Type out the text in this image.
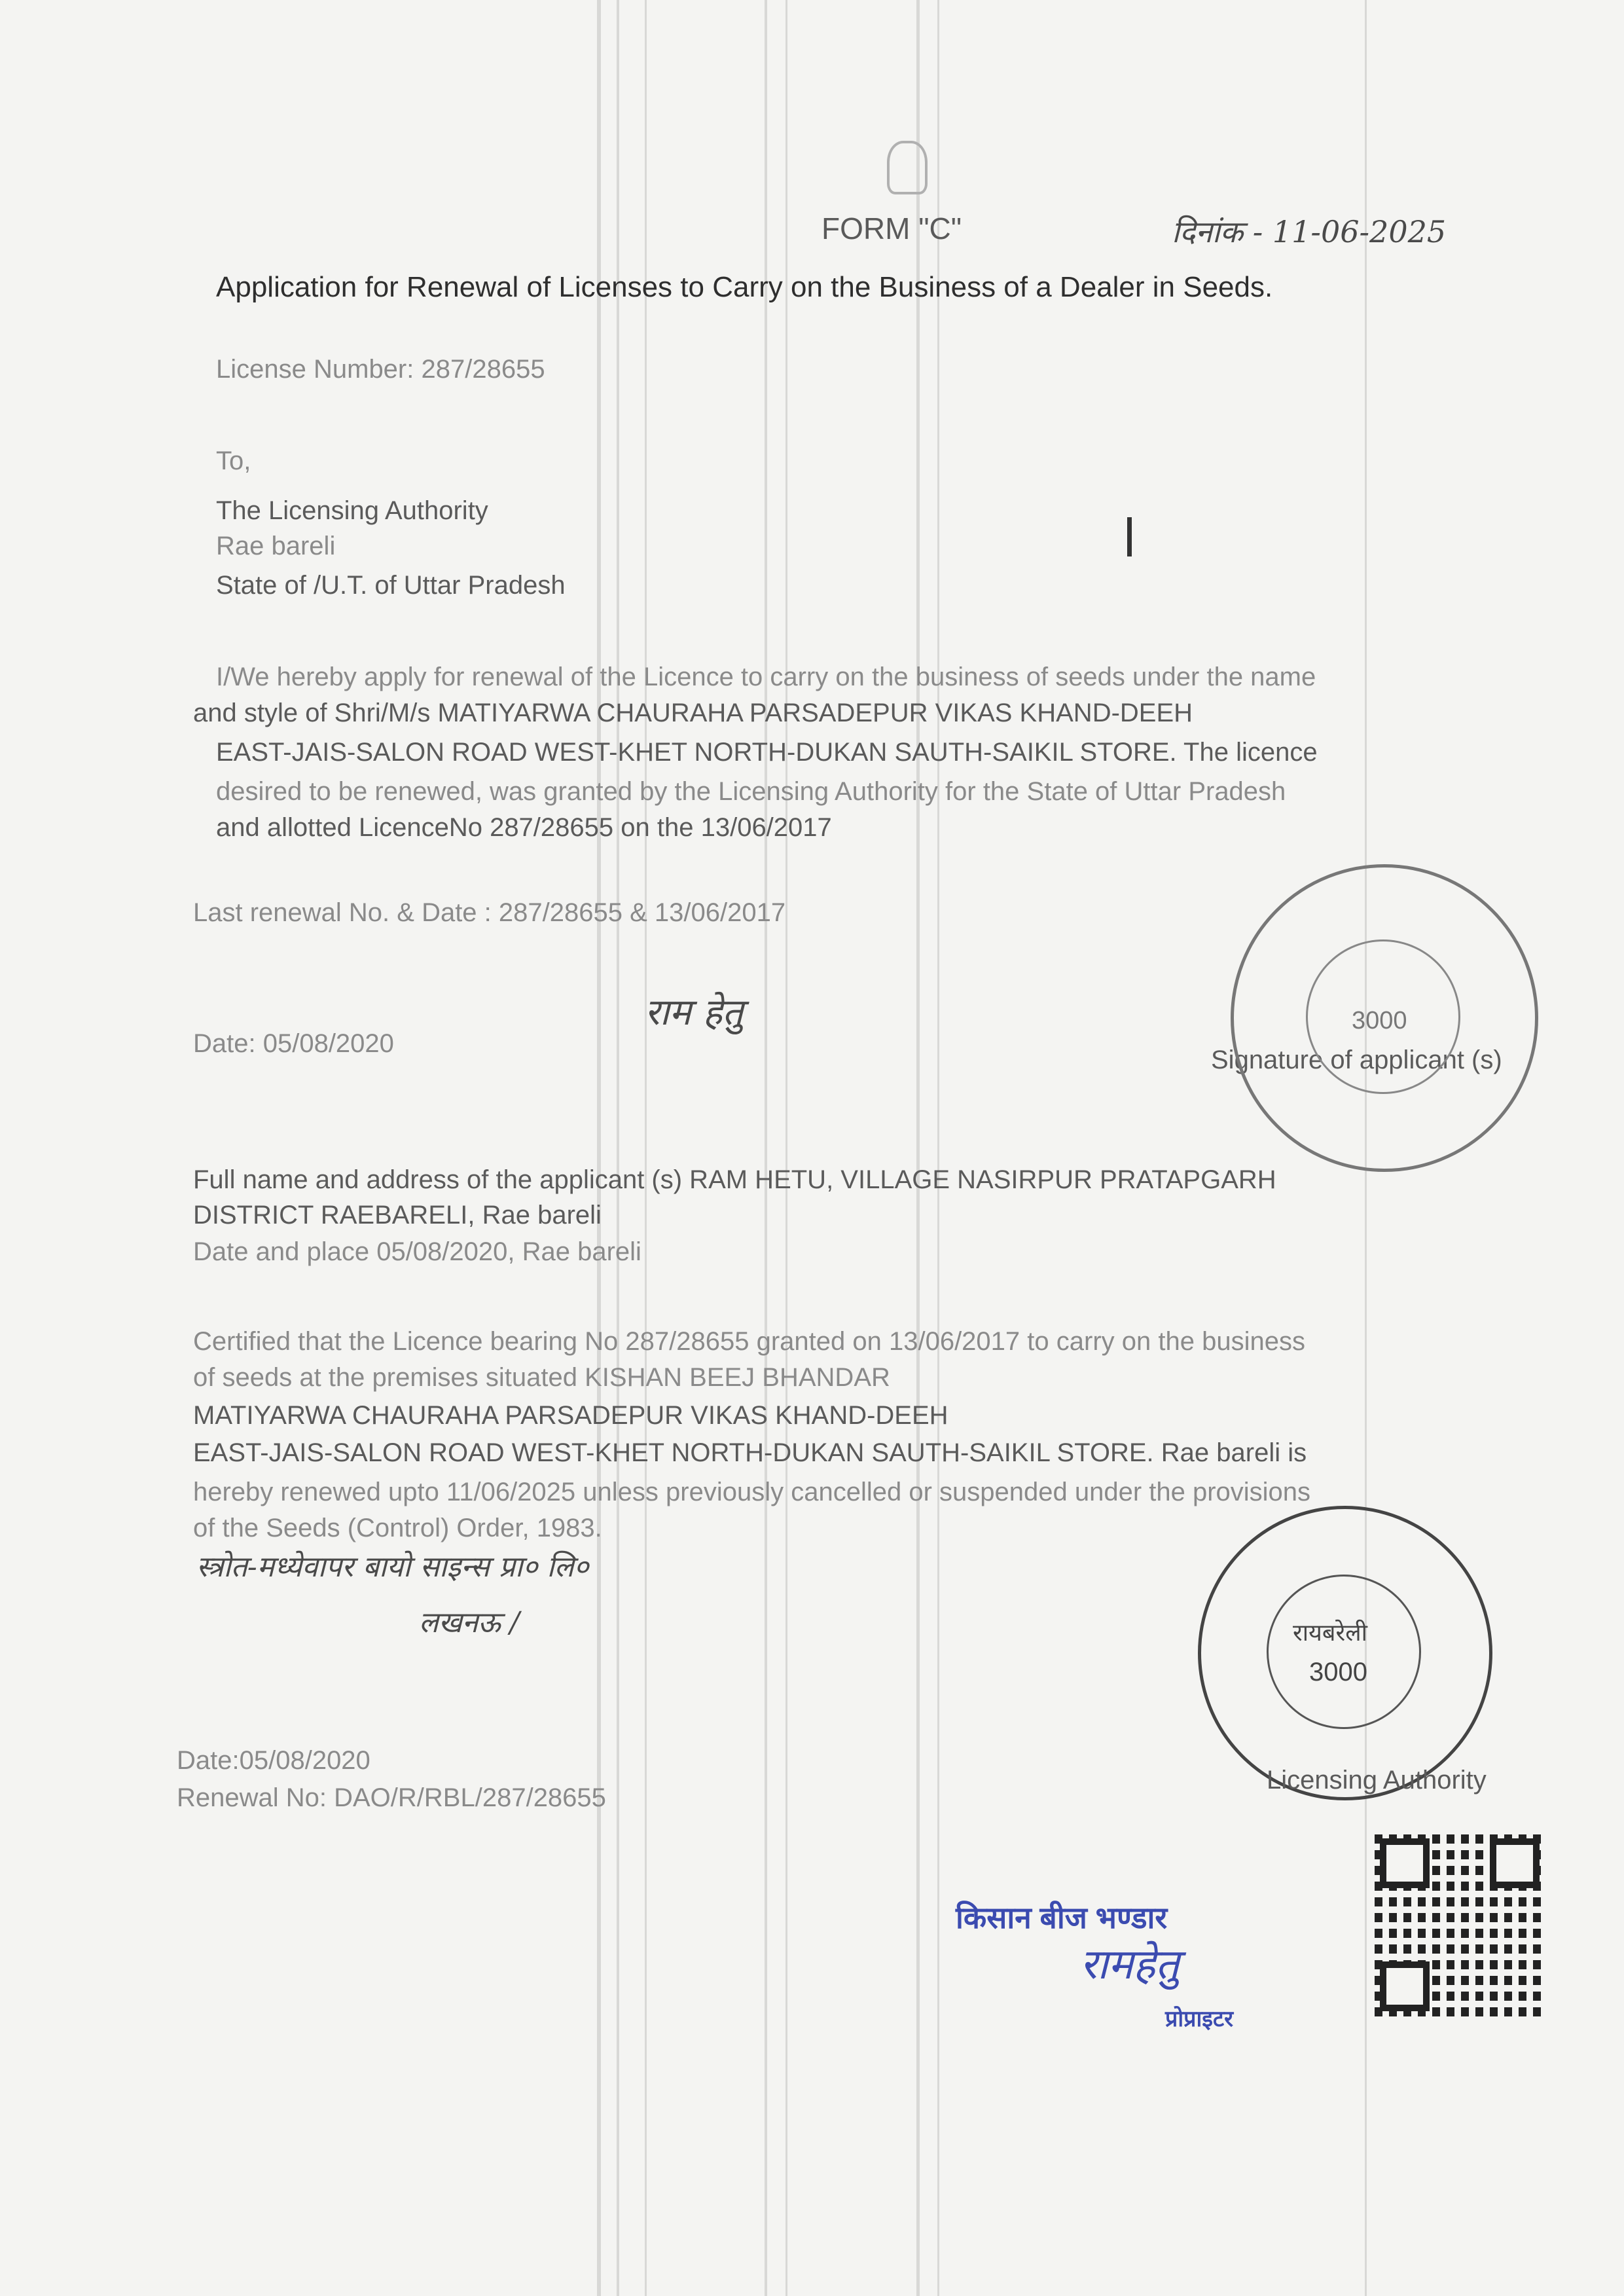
FORM "C"	दिनांक - 11-06-2025
Application for Renewal of Licenses to Carry on the Business of a Dealer in Seeds.
License Number: 287/28655
To,
The Licensing Authority
Rae bareli
State of /U.T. of Uttar Pradesh
I/We hereby apply for renewal of the Licence to carry on the business of seeds under the name
and style of Shri/M/s MATIYARWA CHAURAHA PARSADEPUR VIKAS KHAND-DEEH
EAST-JAIS-SALON ROAD WEST-KHET NORTH-DUKAN SAUTH-SAIKIL STORE. The licence
desired to be renewed, was granted by the Licensing Authority for the State of Uttar Pradesh
and allotted LicenceNo 287/28655 on the 13/06/2017
Last renewal No. & Date : 287/28655 & 13/06/2017
Date: 05/08/2020
राम हेतु
Signature of applicant (s)
3000
Full name and address of the applicant (s) RAM HETU, VILLAGE NASIRPUR PRATAPGARH
DISTRICT RAEBARELI, Rae bareli
Date and place 05/08/2020, Rae bareli
Certified that the Licence bearing No 287/28655 granted on 13/06/2017 to carry on the business
of seeds at the premises situated KISHAN BEEJ BHANDAR
MATIYARWA CHAURAHA PARSADEPUR VIKAS KHAND-DEEH
EAST-JAIS-SALON ROAD WEST-KHET NORTH-DUKAN SAUTH-SAIKIL STORE. Rae bareli is
hereby renewed upto 11/06/2025 unless previously cancelled or suspended under the provisions
of the Seeds (Control) Order, 1983.
स्त्रोत-मध्येवापर बायो साइन्स प्रा० लि०
लखनऊ /	रायबरेली
3000
Date:05/08/2020
Renewal No: DAO/R/RBL/287/28655
Licensing Authority
किसान बीज भण्डार
रामहेतु
प्रोप्राइटर
